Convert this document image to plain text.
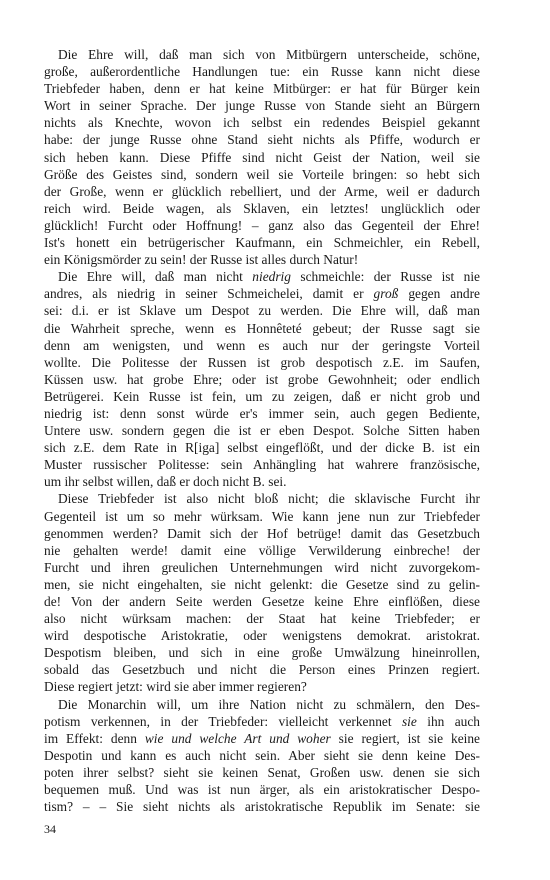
Die Ehre will, daß man sich von Mitbürgern unterscheide, schöne,
große, außerordentliche Handlungen tue: ein Russe kann nicht diese
Triebfeder haben, denn er hat keine Mitbürger: er hat für Bürger kein
Wort in seiner Sprache. Der junge Russe von Stande sieht an Bürgern
nichts als Knechte, wovon ich selbst ein redendes Beispiel gekannt
habe: der junge Russe ohne Stand sieht nichts als Pfiffe, wodurch er
sich heben kann. Diese Pfiffe sind nicht Geist der Nation, weil sie
Größe des Geistes sind, sondern weil sie Vorteile bringen: so hebt sich
der Große, wenn er glücklich rebelliert, und der Arme, weil er dadurch
reich wird. Beide wagen, als Sklaven, ein letztes! unglücklich oder
glücklich! Furcht oder Hoffnung! – ganz also das Gegenteil der Ehre!
Ist's honett ein betrügerischer Kaufmann, ein Schmeichler, ein Rebell,
ein Königsmörder zu sein! der Russe ist alles durch Natur!
Die Ehre will, daß man nicht niedrig schmeichle: der Russe ist nie
andres, als niedrig in seiner Schmeichelei, damit er groß gegen andre
sei: d.i. er ist Sklave um Despot zu werden. Die Ehre will, daß man
die Wahrheit spreche, wenn es Honnêteté gebeut; der Russe sagt sie
denn am wenigsten, und wenn es auch nur der geringste Vorteil
wollte. Die Politesse der Russen ist grob despotisch z.E. im Saufen,
Küssen usw. hat grobe Ehre; oder ist grobe Gewohnheit; oder endlich
Betrügerei. Kein Russe ist fein, um zu zeigen, daß er nicht grob und
niedrig ist: denn sonst würde er's immer sein, auch gegen Bediente,
Untere usw. sondern gegen die ist er eben Despot. Solche Sitten haben
sich z.E. dem Rate in R[iga] selbst eingeflößt, und der dicke B. ist ein
Muster russischer Politesse: sein Anhängling hat wahrere französische,
um ihr selbst willen, daß er doch nicht B. sei.
Diese Triebfeder ist also nicht bloß nicht; die sklavische Furcht ihr
Gegenteil ist um so mehr würksam. Wie kann jene nun zur Triebfeder
genommen werden? Damit sich der Hof betrüge! damit das Gesetzbuch
nie gehalten werde! damit eine völlige Verwilderung einbreche! der
Furcht und ihren greulichen Unternehmungen wird nicht zuvorgekom-
men, sie nicht eingehalten, sie nicht gelenkt: die Gesetze sind zu gelin-
de! Von der andern Seite werden Gesetze keine Ehre einflößen, diese
also nicht würksam machen: der Staat hat keine Triebfeder; er
wird despotische Aristokratie, oder wenigstens demokrat. aristokrat.
Despotism bleiben, und sich in eine große Umwälzung hineinrollen,
sobald das Gesetzbuch und nicht die Person eines Prinzen regiert.
Diese regiert jetzt: wird sie aber immer regieren?
Die Monarchin will, um ihre Nation nicht zu schmälern, den Des-
potism verkennen, in der Triebfeder: vielleicht verkennet sie ihn auch
im Effekt: denn wie und welche Art und woher sie regiert, ist sie keine
Despotin und kann es auch nicht sein. Aber sieht sie denn keine Des-
poten ihrer selbst? sieht sie keinen Senat, Großen usw. denen sie sich
bequemen muß. Und was ist nun ärger, als ein aristokratischer Despo-
tism? – – Sie sieht nichts als aristokratische Republik im Senate: sie
34
